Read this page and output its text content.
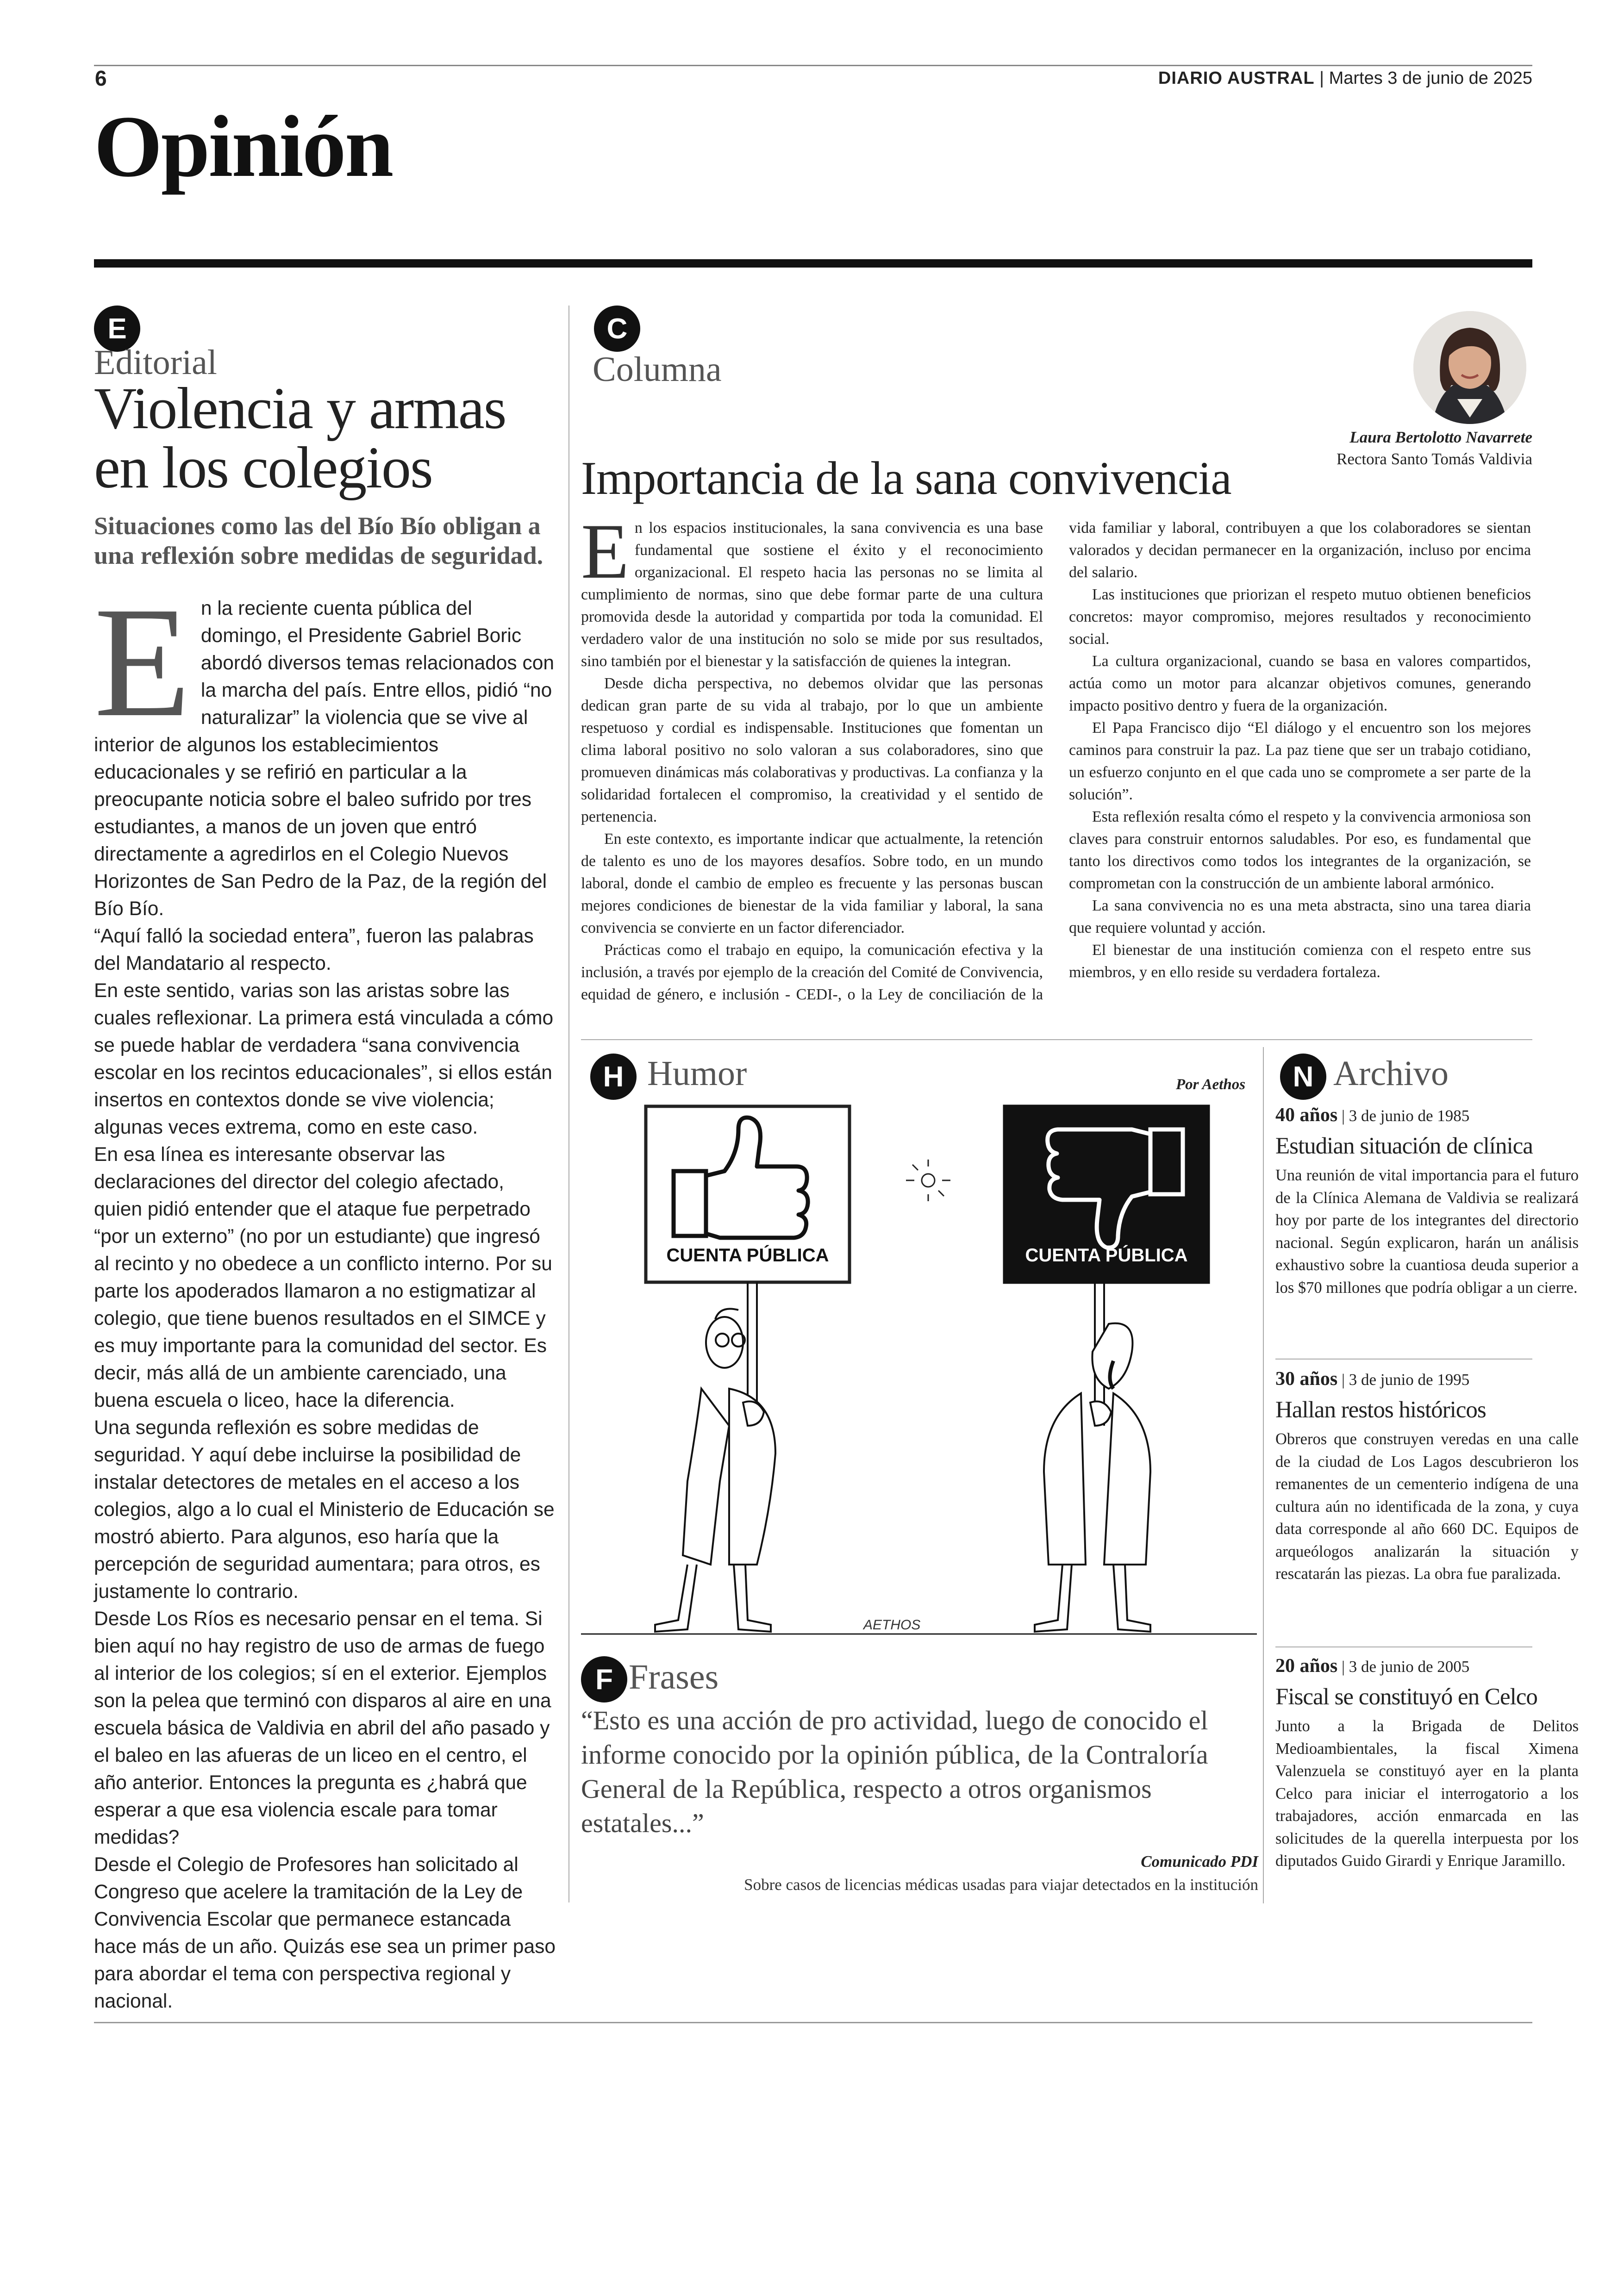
6	DIARIO AUSTRAL | Martes 3 de junio de 2025
Opinión
E
Editorial
Violencia y armas
en los colegios
Situaciones como las del Bío Bío obligan a una reflexión sobre medidas de seguridad.
E n la reciente cuenta pública del domingo, el Presidente Gabriel Boric abordó diversos temas relacionados con la marcha del país. Entre ellos, pidió “no naturalizar” la violencia que se vive al interior de algunos los establecimientos educacionales y se refirió en particular a la preocupante noticia sobre el baleo sufrido por tres estudiantes, a manos de un joven que entró directamente a agredirlos en el Colegio Nuevos Horizontes de San Pedro de la Paz, de la región del Bío Bío.

“Aquí falló la sociedad entera”, fueron las palabras del Mandatario al respecto.

En este sentido, varias son las aristas sobre las cuales reflexionar. La primera está vinculada a cómo se puede hablar de verdadera “sana convivencia escolar en los recintos educacionales”, si ellos están insertos en contextos donde se vive violencia; algunas veces extrema, como en este caso.

En esa línea es interesante observar las declaraciones del director del colegio afectado, quien pidió entender que el ataque fue perpetrado “por un externo” (no por un estudiante) que ingresó al recinto y no obedece a un conflicto interno. Por su parte los apoderados llamaron a no estigmatizar al colegio, que tiene buenos resultados en el SIMCE y es muy importante para la comunidad del sector. Es decir, más allá de un ambiente carenciado, una buena escuela o liceo, hace la diferencia.

Una segunda reflexión es sobre medidas de seguridad. Y aquí debe incluirse la posibilidad de instalar detectores de metales en el acceso a los colegios, algo a lo cual el Ministerio de Educación se mostró abierto. Para algunos, eso haría que la percepción de seguridad aumentara; para otros, es justamente lo contrario.

Desde Los Ríos es necesario pensar en el tema. Si bien aquí no hay registro de uso de armas de fuego al interior de los colegios; sí en el exterior. Ejemplos son la pelea que terminó con disparos al aire en una escuela básica de Valdivia en abril del año pasado y el baleo en las afueras de un liceo en el centro, el año anterior. Entonces la pregunta es ¿habrá que esperar a que esa violencia escale para tomar medidas?

Desde el Colegio de Profesores han solicitado al Congreso que acelere la tramitación de la Ley de Convivencia Escolar que permanece estancada hace más de un año. Quizás ese sea un primer paso para abordar el tema con perspectiva regional y nacional.

C
Columna
Laura Bertolotto Navarrete
Rectora Santo Tomás Valdivia
Importancia de la sana convivencia

En los espacios institucionales, la sana convivencia es una base fundamental que sostiene el éxito y el reconocimiento organizacional. El respeto hacia las personas no se limita al cumplimiento de normas, sino que debe formar parte de una cultura promovida desde la autoridad y compartida por toda la comunidad. El verdadero valor de una institución no solo se mide por sus resultados, sino también por el bienestar y la satisfacción de quienes la integran.

Desde dicha perspectiva, no debemos olvidar que las personas dedican gran parte de su vida al trabajo, por lo que un ambiente respetuoso y cordial es indispensable. Instituciones que fomentan un clima laboral positivo no solo valoran a sus colaboradores, sino que promueven dinámicas más colaborativas y productivas. La confianza y la solidaridad fortalecen el compromiso, la creatividad y el sentido de pertenencia.

En este contexto, es importante indicar que actualmente, la retención de talento es uno de los mayores desafíos. Sobre todo, en un mundo laboral, donde el cambio de empleo es frecuente y las personas buscan mejores condiciones de bienestar de la vida familiar y laboral, la sana convivencia se convierte en un factor diferenciador.

Prácticas como el trabajo en equipo, la comunicación efectiva y la inclusión, a través por ejemplo de la creación del Comité de Convivencia, equidad de género, e inclusión - CEDI-, o la Ley de conciliación de la vida familiar y laboral, contribuyen a que los colaboradores se sientan valorados y decidan permanecer en la organización, incluso por encima del salario.

Las instituciones que priorizan el respeto mutuo obtienen beneficios concretos: mayor compromiso, mejores resultados y reconocimiento social.

La cultura organizacional, cuando se basa en valores compartidos, actúa como un motor para alcanzar objetivos comunes, generando impacto positivo dentro y fuera de la organización.

El Papa Francisco dijo “El diálogo y el encuentro son los mejores caminos para construir la paz. La paz tiene que ser un trabajo cotidiano, un esfuerzo conjunto en el que cada uno se compromete a ser parte de la solución”.

Esta reflexión resalta cómo el respeto y la convivencia armoniosa son claves para construir entornos saludables. Por eso, es fundamental que tanto los directivos como todos los integrantes de la organización, se comprometan con la construcción de un ambiente laboral armónico.

La sana convivencia no es una meta abstracta, sino una tarea diaria que requiere voluntad y acción.

El bienestar de una institución comienza con el respeto entre sus miembros, y en ello reside su verdadera fortaleza.

H Humor	Por Aethos
CUENTA PÚBLICA	CUENTA PÚBLICA
AETHOS
F Frases
“Esto es una acción de pro actividad, luego de conocido el informe conocido por la opinión pública, de la Contraloría General de la República, respecto a otros organismos estatales...”
Comunicado PDI
Sobre casos de licencias médicas usadas para viajar detectados en la institución
N Archivo
40 años | 3 de junio de 1985
Estudian situación de clínica
Una reunión de vital importancia para el futuro de la Clínica Alemana de Valdivia se realizará hoy por parte de los integrantes del directorio nacional. Según explicaron, harán un análisis exhaustivo sobre la cuantiosa deuda superior a los $70 millones que podría obligar a un cierre.
30 años | 3 de junio de 1995
Hallan restos históricos
Obreros que construyen veredas en una calle de la ciudad de Los Lagos descubrieron los remanentes de un cementerio indígena de una cultura aún no identificada de la zona, y cuya data corresponde al año 660 DC. Equipos de arqueólogos analizarán la situación y rescatarán las piezas. La obra fue paralizada.
20 años | 3 de junio de 2005
Fiscal se constituyó en Celco
Junto a la Brigada de Delitos Medioambientales, la fiscal Ximena Valenzuela se constituyó ayer en la planta Celco para iniciar el interrogatorio a los trabajadores, acción enmarcada en las solicitudes de la querella interpuesta por los diputados Guido Girardi y Enrique Jaramillo.
